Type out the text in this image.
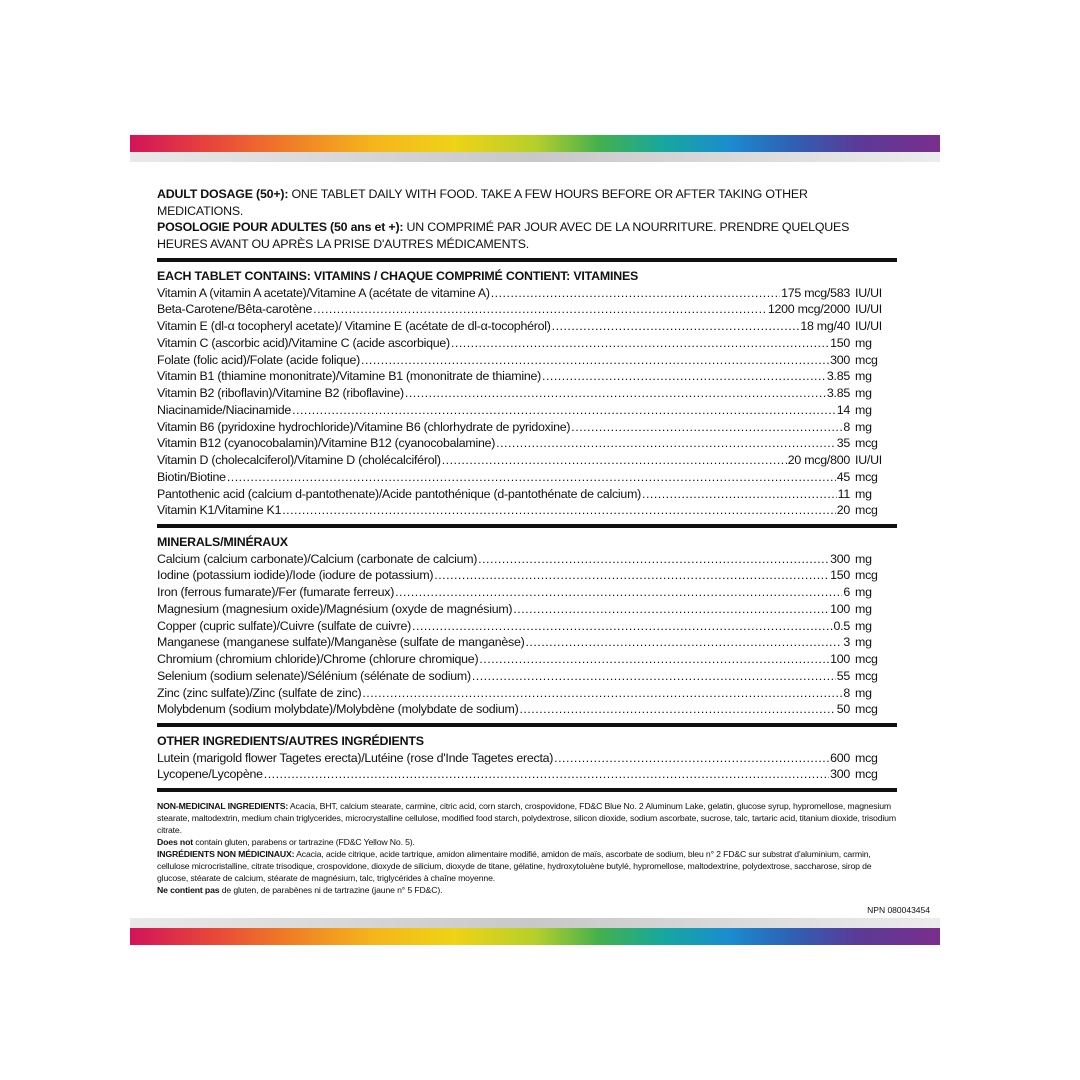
ADULT DOSAGE (50+): ONE TABLET DAILY WITH FOOD. TAKE A FEW HOURS BEFORE OR AFTER TAKING OTHER MEDICATIONS.
POSOLOGIE POUR ADULTES (50 ans et +): UN COMPRIMÉ PAR JOUR AVEC DE LA NOURRITURE. PRENDRE QUELQUES HEURES AVANT OU APRÈS LA PRISE D'AUTRES MÉDICAMENTS.

EACH TABLET CONTAINS: VITAMINS / CHAQUE COMPRIMÉ CONTIENT: VITAMINES
Vitamin A (vitamin A acetate)/Vitamine A (acétate de vitamine A) .....	175 mcg/583 IU/UI
Beta-Carotene/Bêta-carotène .....	1200 mcg/2000 IU/UI
Vitamin E (dl-α tocopheryl acetate)/ Vitamine E (acétate de dl-α-tocophérol) .....	18 mg/40 IU/UI
Vitamin C (ascorbic acid)/Vitamine C (acide ascorbique) .....	150 mg
Folate (folic acid)/Folate (acide folique) .....	300 mcg
Vitamin B1 (thiamine mononitrate)/Vitamine B1 (mononitrate de thiamine) .....	3.85 mg
Vitamin B2 (riboflavin)/Vitamine B2 (riboflavine) .....	3.85 mg
Niacinamide/Niacinamide .....	14 mg
Vitamin B6 (pyridoxine hydrochloride)/Vitamine B6 (chlorhydrate de pyridoxine) .....	8 mg
Vitamin B12 (cyanocobalamin)/Vitamine B12 (cyanocobalamine) .....	35 mcg
Vitamin D (cholecalciferol)/Vitamine D (cholécalciférol) .....	20 mcg/800 IU/UI
Biotin/Biotine .....	45 mcg
Pantothenic acid (calcium d-pantothenate)/Acide pantothénique (d-pantothénate de calcium) .....	11 mg
Vitamin K1/Vitamine K1 .....	20 mcg
MINERALS/MINÉRAUX
Calcium (calcium carbonate)/Calcium (carbonate de calcium) .....	300 mg
Iodine (potassium iodide)/Iode (iodure de potassium) .....	150 mcg
Iron (ferrous fumarate)/Fer (fumarate ferreux) .....	6 mg
Magnesium (magnesium oxide)/Magnésium (oxyde de magnésium) .....	100 mg
Copper (cupric sulfate)/Cuivre (sulfate de cuivre) .....	0.5 mg
Manganese (manganese sulfate)/Manganèse (sulfate de manganèse) .....	3 mg
Chromium (chromium chloride)/Chrome (chlorure chromique) .....	100 mcg
Selenium (sodium selenate)/Sélénium (sélénate de sodium) .....	55 mcg
Zinc (zinc sulfate)/Zinc (sulfate de zinc) .....	8 mg
Molybdenum (sodium molybdate)/Molybdène (molybdate de sodium) .....	50 mcg
OTHER INGREDIENTS/AUTRES INGRÉDIENTS
Lutein (marigold flower Tagetes erecta)/Lutéine (rose d'Inde Tagetes erecta) .....	600 mcg
Lycopene/Lycopène .....	300 mcg

NON-MEDICINAL INGREDIENTS: Acacia, BHT, calcium stearate, carmine, citric acid, corn starch, crospovidone, FD&C Blue No. 2 Aluminum Lake, gelatin, glucose syrup, hypromellose, magnesium stearate, maltodextrin, medium chain triglycerides, microcrystalline cellulose, modified food starch, polydextrose, silicon dioxide, sodium ascorbate, sucrose, talc, tartaric acid, titanium dioxide, trisodium citrate.
Does not contain gluten, parabens or tartrazine (FD&C Yellow No. 5).
INGRÉDIENTS NON MÉDICINAUX: Acacia, acide citrique, acide tartrique, amidon alimentaire modifié, amidon de maïs, ascorbate de sodium, bleu n° 2 FD&C sur substrat d'aluminium, carmin, cellulose microcristalline, citrate trisodique, crospovidone, dioxyde de silicium, dioxyde de titane, gélatine, hydroxytoluène butylé, hypromellose, maltodextrine, polydextrose, saccharose, sirop de glucose, stéarate de calcium, stéarate de magnésium, talc, triglycérides à chaîne moyenne.
Ne contient pas de gluten, de parabènes ni de tartrazine (jaune n° 5 FD&C).

NPN 080043454
